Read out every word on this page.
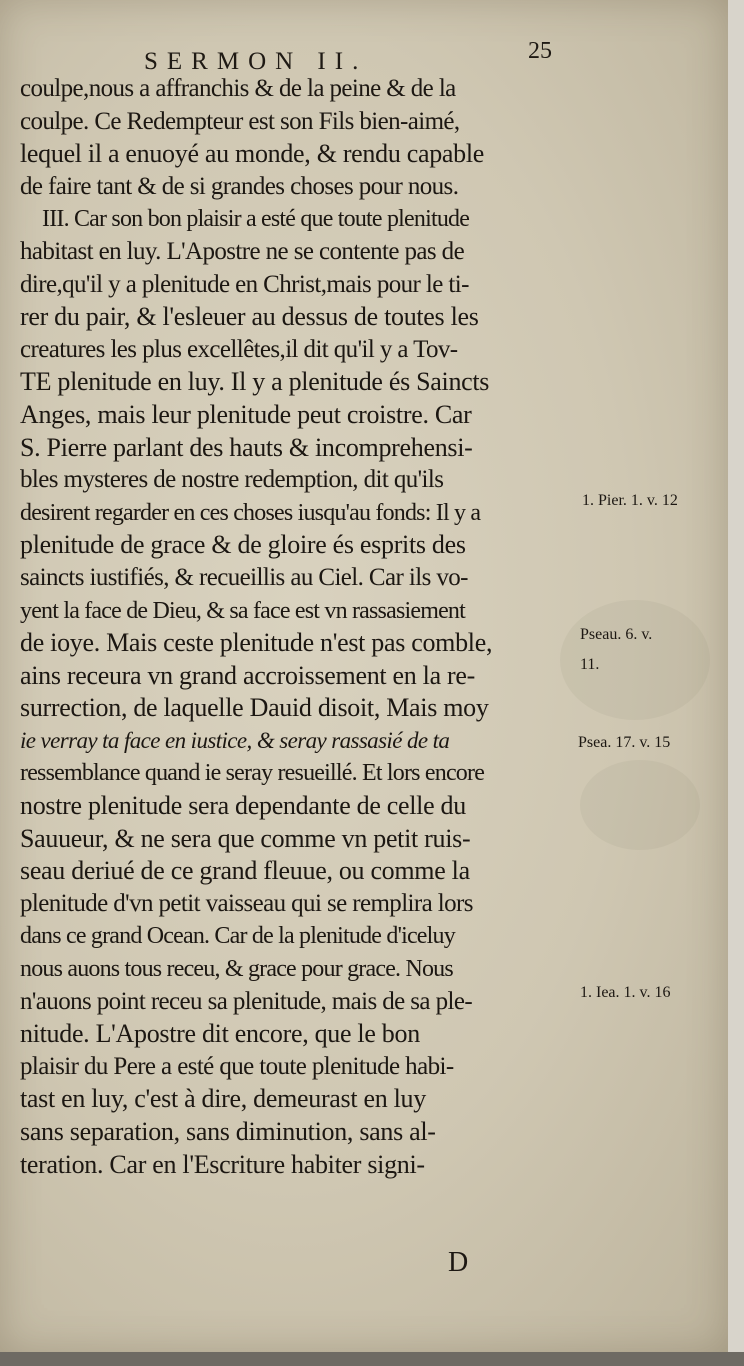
SERMON II.	25
coulpe,nous a affranchis & de la peine & de la
coulpe. Ce Redempteur est son Fils bien-aimé,
lequel il a enuoyé au monde, & rendu capable
de faire tant & de si grandes choses pour nous.
III. Car son bon plaisir a esté que toute plenitude
habitast en luy. L'Apostre ne se contente pas de
dire,qu'il y a plenitude en Christ,mais pour le ti-
rer du pair, & l'esleuer au dessus de toutes les
creatures les plus excellêtes,il dit qu'il y a Tov-
TE plenitude en luy. Il y a plenitude és Saincts
Anges, mais leur plenitude peut croistre. Car
S. Pierre parlant des hauts & incomprehensi-
bles mysteres de nostre redemption, dit qu'ils
desirent regarder en ces choses iusqu'au fonds: Il y a
plenitude de grace & de gloire és esprits des
saincts iustifiés, & recueillis au Ciel. Car ils vo-
yent la face de Dieu, & sa face est vn rassasiement
de ioye. Mais ceste plenitude n'est pas comble,
ains receura vn grand accroissement en la re-
surrection, de laquelle Dauid disoit, Mais moy
ie verray ta face en iustice, & seray rassasié de ta
ressemblance quand ie seray resueillé. Et lors encore
nostre plenitude sera dependante de celle du
Sauueur, & ne sera que comme vn petit ruis-
seau deriué de ce grand fleuue, ou comme la
plenitude d'vn petit vaisseau qui se remplira lors
dans ce grand Ocean. Car de la plenitude d'iceluy
nous auons tous receu, & grace pour grace. Nous
n'auons point receu sa plenitude, mais de sa ple-
nitude. L'Apostre dit encore, que le bon
plaisir du Pere a esté que toute plenitude habi-
tast en luy, c'est à dire, demeurast en luy
sans separation, sans diminution, sans al-
teration. Car en l'Escriture habiter signi-
1. Pier. 1. v. 12
Pseau. 6. v.
11.
Psea. 17. v. 15
1. Iea. 1. v. 16
D
